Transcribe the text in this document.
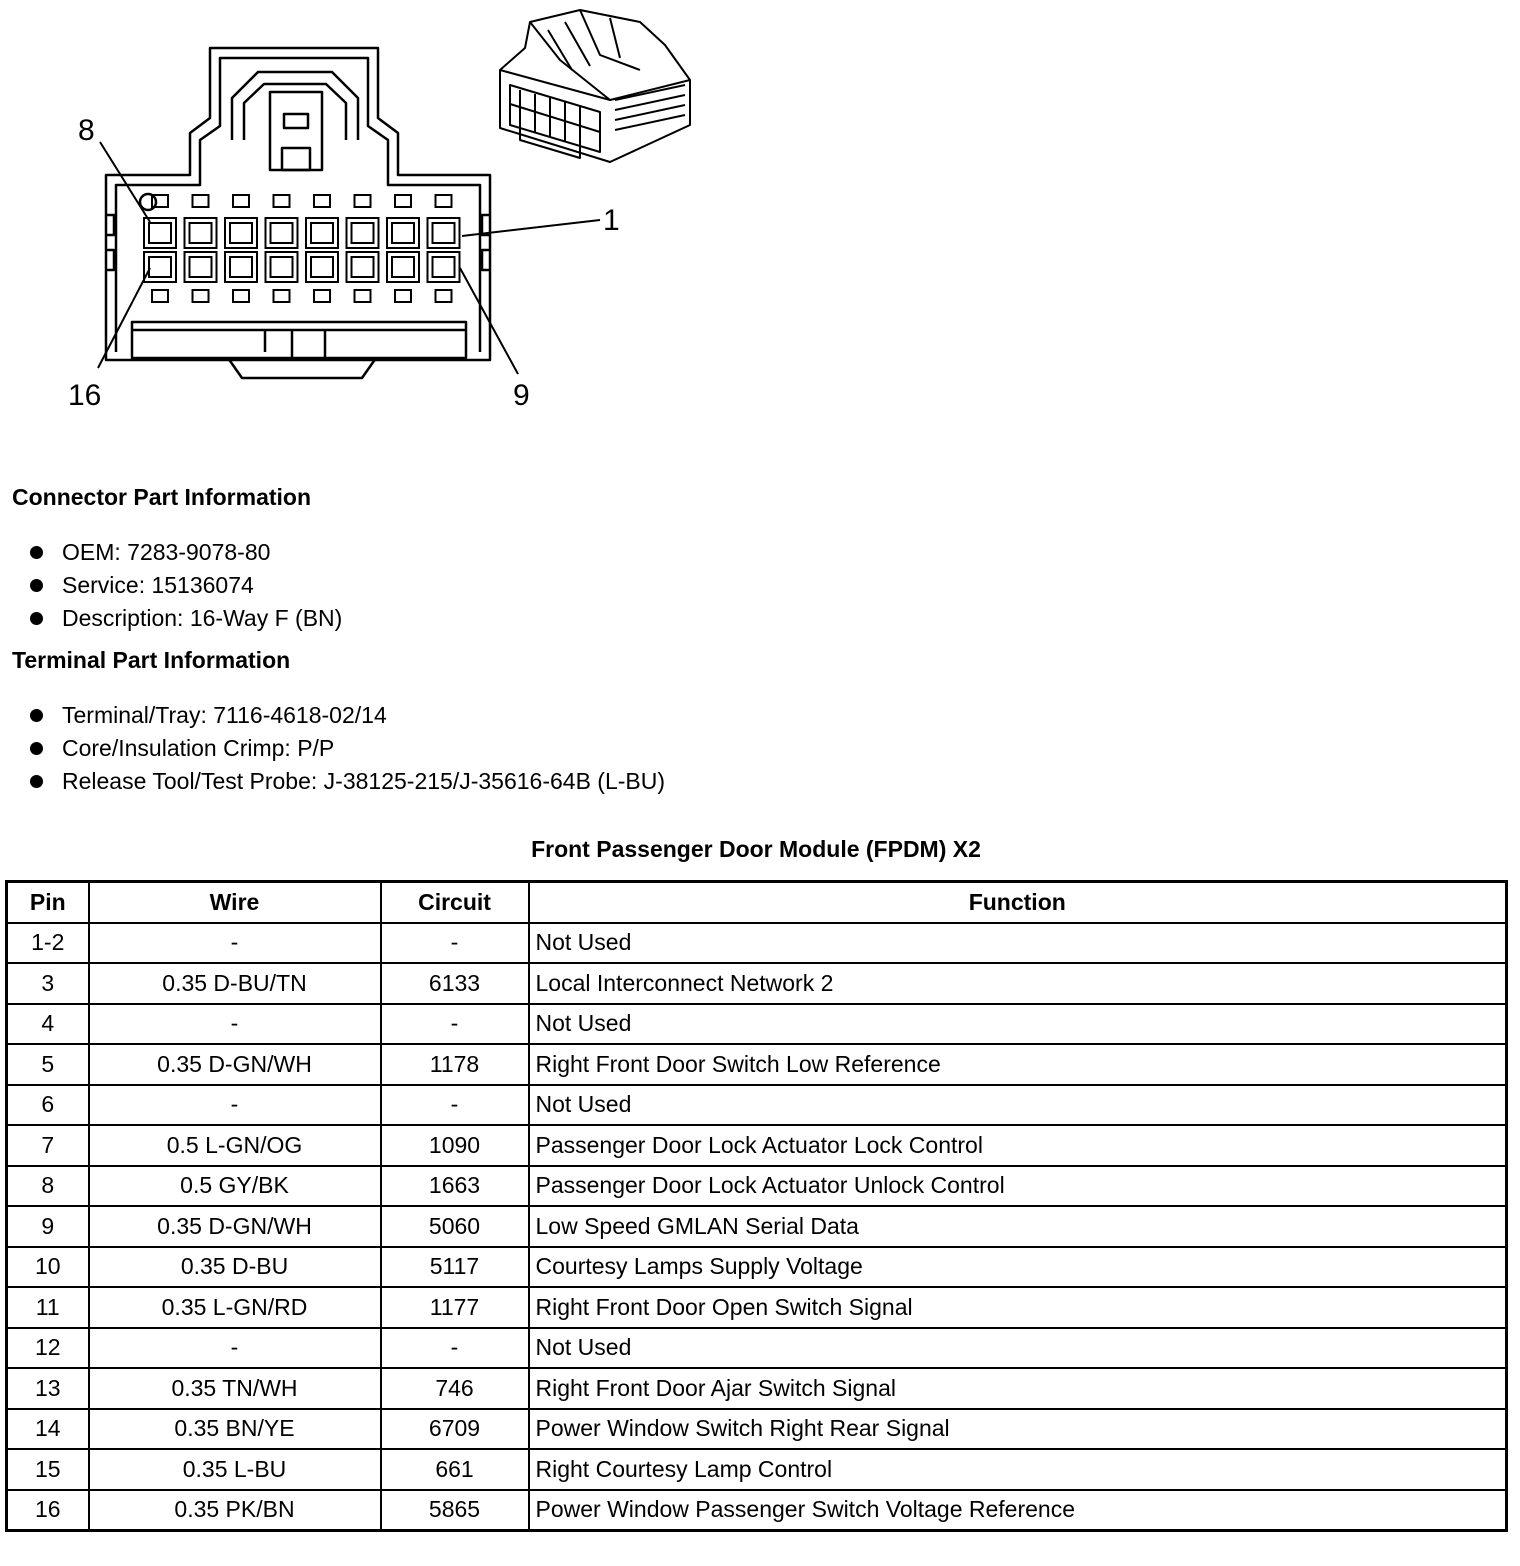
8
1
16	9
Connector Part Information
OEM: 7283-9078-80
Service: 15136074
Description: 16-Way F (BN)
Terminal Part Information
Terminal/Tray: 7116-4618-02/14
Core/Insulation Crimp: P/P
Release Tool/Test Probe: J-38125-215/J-35616-64B (L-BU)
Front Passenger Door Module (FPDM) X2
Pin	Wire	Circuit	Function
1-2	-	-	Not Used
3	0.35 D-BU/TN	6133	Local Interconnect Network 2
4	-	-	Not Used
5	0.35 D-GN/WH	1178	Right Front Door Switch Low Reference
6	-	-	Not Used
7	0.5 L-GN/OG	1090	Passenger Door Lock Actuator Lock Control
8	0.5 GY/BK	1663	Passenger Door Lock Actuator Unlock Control
9	0.35 D-GN/WH	5060	Low Speed GMLAN Serial Data
10	0.35 D-BU	5117	Courtesy Lamps Supply Voltage
11	0.35 L-GN/RD	1177	Right Front Door Open Switch Signal
12	-	-	Not Used
13	0.35 TN/WH	746	Right Front Door Ajar Switch Signal
14	0.35 BN/YE	6709	Power Window Switch Right Rear Signal
15	0.35 L-BU	661	Right Courtesy Lamp Control
16	0.35 PK/BN	5865	Power Window Passenger Switch Voltage Reference
